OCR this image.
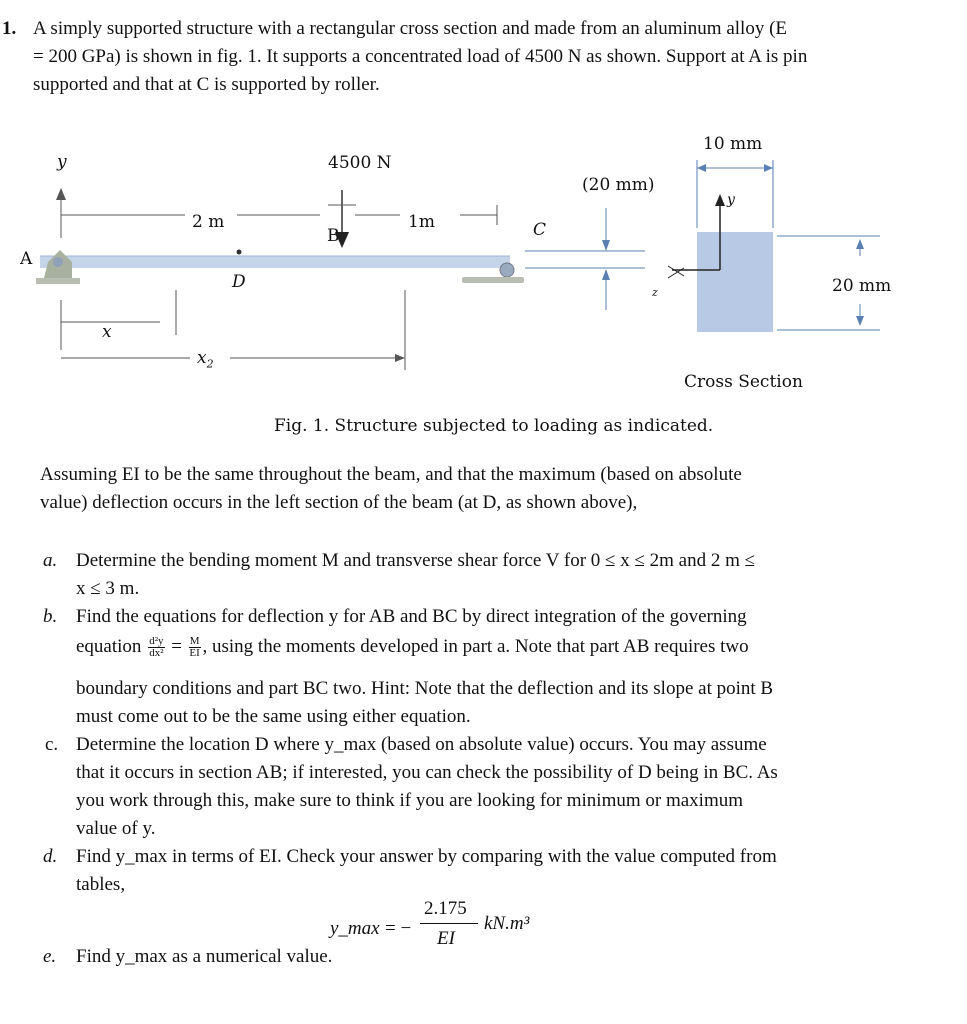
1. A simply supported structure with a rectangular cross section and made from an aluminum alloy (E
= 200 GPa) is shown in fig. 1. It supports a concentrated load of 4500 N as shown. Support at A is pin
supported and that at C is supported by roller.
y	4500 N
2 m	1m
B	C
A
D
x
$x_2$
(20 mm)
10 mm
y
z	20 mm
Cross Section
Fig. 1. Structure subjected to loading as indicated.
Assuming EI to be the same throughout the beam, and that the maximum (based on absolute
value) deflection occurs in the left section of the beam (at D, as shown above),
a. Determine the bending moment M and transverse shear force V for 0 ≤ x ≤ 2m and 2 m ≤
x ≤ 3 m.
b. Find the equations for deflection y for AB and BC by direct integration of the governing
equation $\frac{\text{d²y}}{\text{dx²}} = \frac{M}{EI}$ , using the moments developed in part a. Note that part AB requires two
boundary conditions and part BC two. Hint: Note that the deflection and its slope at point B
must come out to be the same using either equation.
c. Determine the location D where y_max (based on absolute value) occurs. You may assume
that it occurs in section AB; if interested, you can check the possibility of D being in BC. As
you work through this, make sure to think if you are looking for minimum or maximum
value of y.
d. Find y_max in terms of EI. Check your answer by comparing with the value computed from
tables,
y_max = −
2.175
EI
kN.m³
e. Find y_max as a numerical value.
